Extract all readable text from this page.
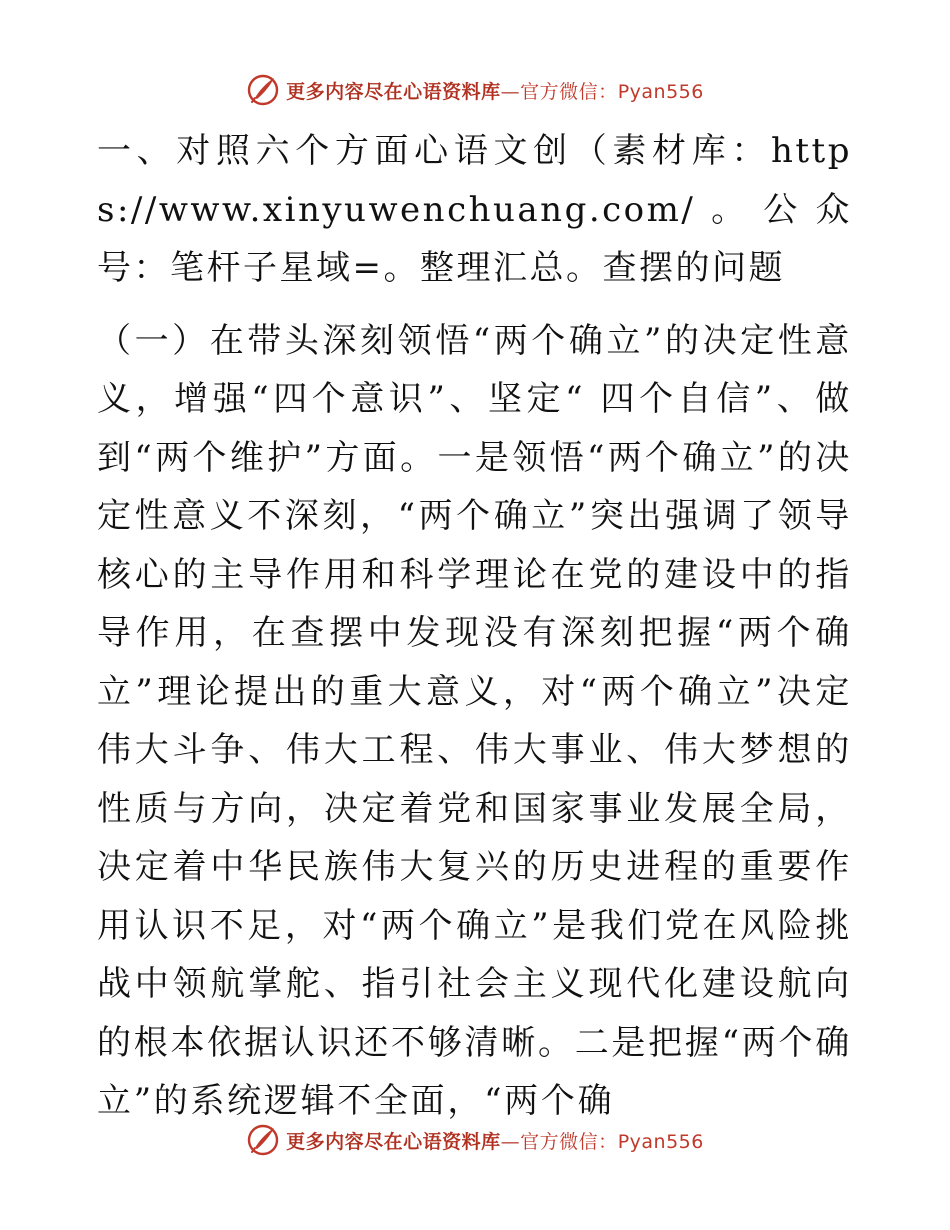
更多内容尽在心语资料库—官方微信：Pyan556

一、对照六个方面心语文创（素材库：https://www.xinyuwenchuang.com/。公众号：笔杆子星域=。整理汇总。查摆的问题

（一）在带头深刻领悟“两个确立”的决定性意义，增强“四个意识”、坚定“ 四个自信”、做到“两个维护”方面。一是领悟“两个确立”的决定性意义不深刻，“两个确立”突出强调了领导核心的主导作用和科学理论在党的建设中的指导作用，在查摆中发现没有深刻把握“两个确立”理论提出的重大意义，对“两个确立”决定伟大斗争、伟大工程、伟大事业、伟大梦想的性质与方向，决定着党和国家事业发展全局，决定着中华民族伟大复兴的历史进程的重要作用认识不足，对“两个确立”是我们党在风险挑战中领航掌舵、指引社会主义现代化建设航向的根本依据认识还不够清晰。二是把握“两个确立”的系统逻辑不全面，“两个确

更多内容尽在心语资料库—官方微信：Pyan556
